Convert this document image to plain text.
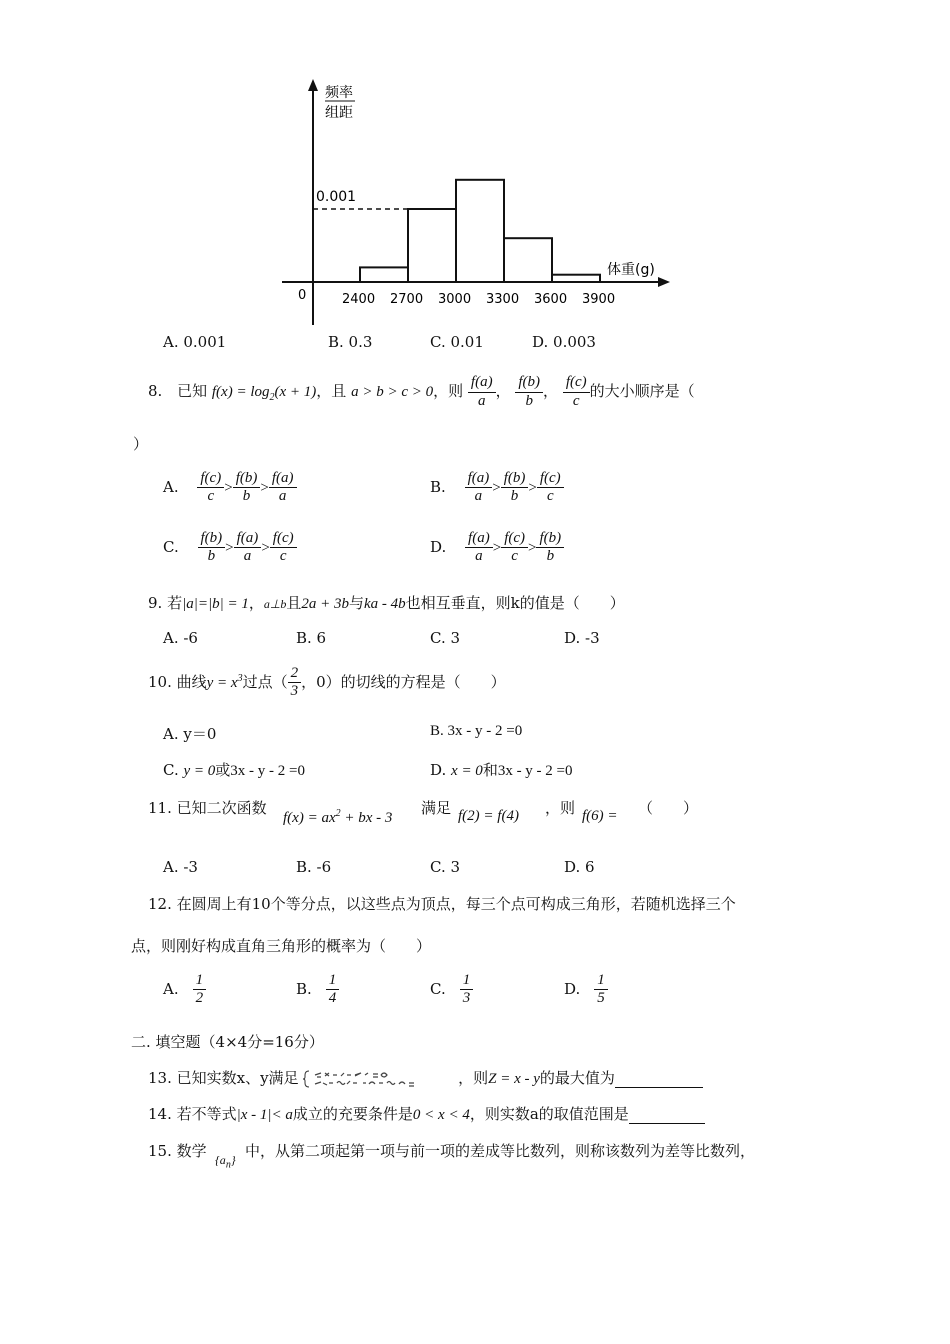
频率
组距
0.001
0
体重(g)
2400 2700 3000 3300 3600 3900
A. 0.001	B. 0.3	C. 0.01	D. 0.003
8. 已知 $f(x) = \log_2(x + 1)$，且 a > b > c > 0，则 $\frac{f(a)}{a}$ ， $\frac{f(b)}{b}$ ， $\frac{f(c)}{c}$ 的大小顺序是（
）
A. $\frac{f(c)}{c} > \frac{f(b)}{b} > \frac{f(a)}{a}$	B. $\frac{f(a)}{a} > \frac{f(b)}{b} > \frac{f(c)}{c}$
C. $\frac{f(b)}{b} > \frac{f(a)}{a} > \frac{f(c)}{c}$	D. $\frac{f(a)}{a} > \frac{f(c)}{c} > \frac{f(b)}{b}$
9. 若|a|=|b| = 1，a⊥b且2a + 3b与ka - 4b也相互垂直，则k的值是（　　）
A. -6	B. 6	C. 3	D. -3
10. 曲线$y = x^3$过点（ $\frac{2}{3}$ ，0）的切线的方程是（　　）
A. y＝0	B. 3x - y - 2 =0
C. y = 0或3x - y - 2 =0	D. x = 0和3x - y - 2 =0
11. 已知二次函数
$f(x) = ax^2$ + bx - 3
满足 f(2) = f(4) ，则 f(6) = （　　）
A. -3	B. -6	C. 3	D. 6
12. 在圆周上有10个等分点，以这些点为顶点，每三个点可构成三角形，若随机选择三个
点，则刚好构成直角三角形的概率为（　　）
A. $\frac{1}{2}$	B. $\frac{1}{4}$	C. $\frac{1}{3}$	D. $\frac{1}{5}$
二. 填空题（4×4分=16分）
13. 已知实数x、y满足	，则Z = x - y的最大值为
14. 若不等式|x - 1|< a成立的充要条件是0 < x < 4，则实数a的取值范围是
15. 数学 $\{a_n\}$ 中，从第二项起第一项与前一项的差成等比数列，则称该数列为差等比数列，
